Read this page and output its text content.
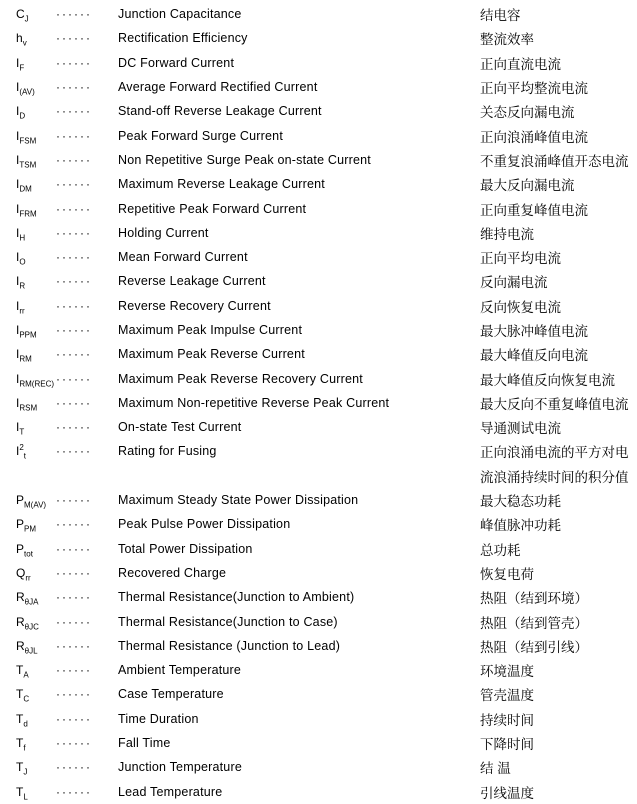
$C_J$	······	Junction Capacitance	结电容
$h_v$	······	Rectification Efficiency	整流效率
$I_F$	······	DC Forward Current	正向直流电流
$I_{(AV)}$	······	Average Forward Rectified Current	正向平均整流电流
$I_D$	······	Stand-off Reverse Leakage Current	关态反向漏电流
$I_{FSM}$	······	Peak Forward Surge Current	正向浪涌峰值电流
$I_{TSM}$	······	Non Repetitive Surge Peak on-state Current	不重复浪涌峰值开态电流
$I_{DM}$	······	Maximum Reverse Leakage Current	最大反向漏电流
$I_{FRM}$	······	Repetitive Peak Forward Current	正向重复峰值电流
$I_H$	······	Holding Current	维持电流
$I_O$	······	Mean Forward Current	正向平均电流
$I_R$	······	Reverse Leakage Current	反向漏电流
$I_{rr}$	······	Reverse Recovery Current	反向恢复电流
$I_{PPM}$	······	Maximum Peak Impulse Current	最大脉冲峰值电流
$I_{RM}$	······	Maximum Peak Reverse Current	最大峰值反向电流
$I_{RM(REC)}$ ······	Maximum Peak Reverse Recovery Current	最大峰值反向恢复电流
$I_{RSM}$	······	Maximum Non-repetitive Reverse Peak Current	最大反向不重复峰值电流
$I_T$	······	On-state Test Current	导通测试电流
$I^2_t$	······	Rating for Fusing	正向浪涌电流的平方对电
流浪涌持续时间的积分值
$P_{M(AV)}$ ······	Maximum Steady State Power Dissipation	最大稳态功耗
$P_{PM}$	······	Peak Pulse Power Dissipation	峰值脉冲功耗
$P_{tot}$	······	Total Power Dissipation	总功耗
$Q_{rr}$	······	Recovered Charge	恢复电荷
$R_{\theta JA}$	······	Thermal Resistance(Junction to Ambient)	热阻（结到环境）
$R_{\theta JC}$	······	Thermal Resistance(Junction to Case)	热阻（结到管壳）
$R_{\theta JL}$	······	Thermal Resistance (Junction to Lead)	热阻（结到引线）
$T_A$	······	Ambient Temperature	环境温度
$T_C$	······	Case Temperature	管壳温度
$T_d$	······	Time Duration	持续时间
$T_f$	······	Fall Time	下降时间
$T_J$	······	Junction Temperature	结 温
$T_L$	······	Lead Temperature	引线温度
